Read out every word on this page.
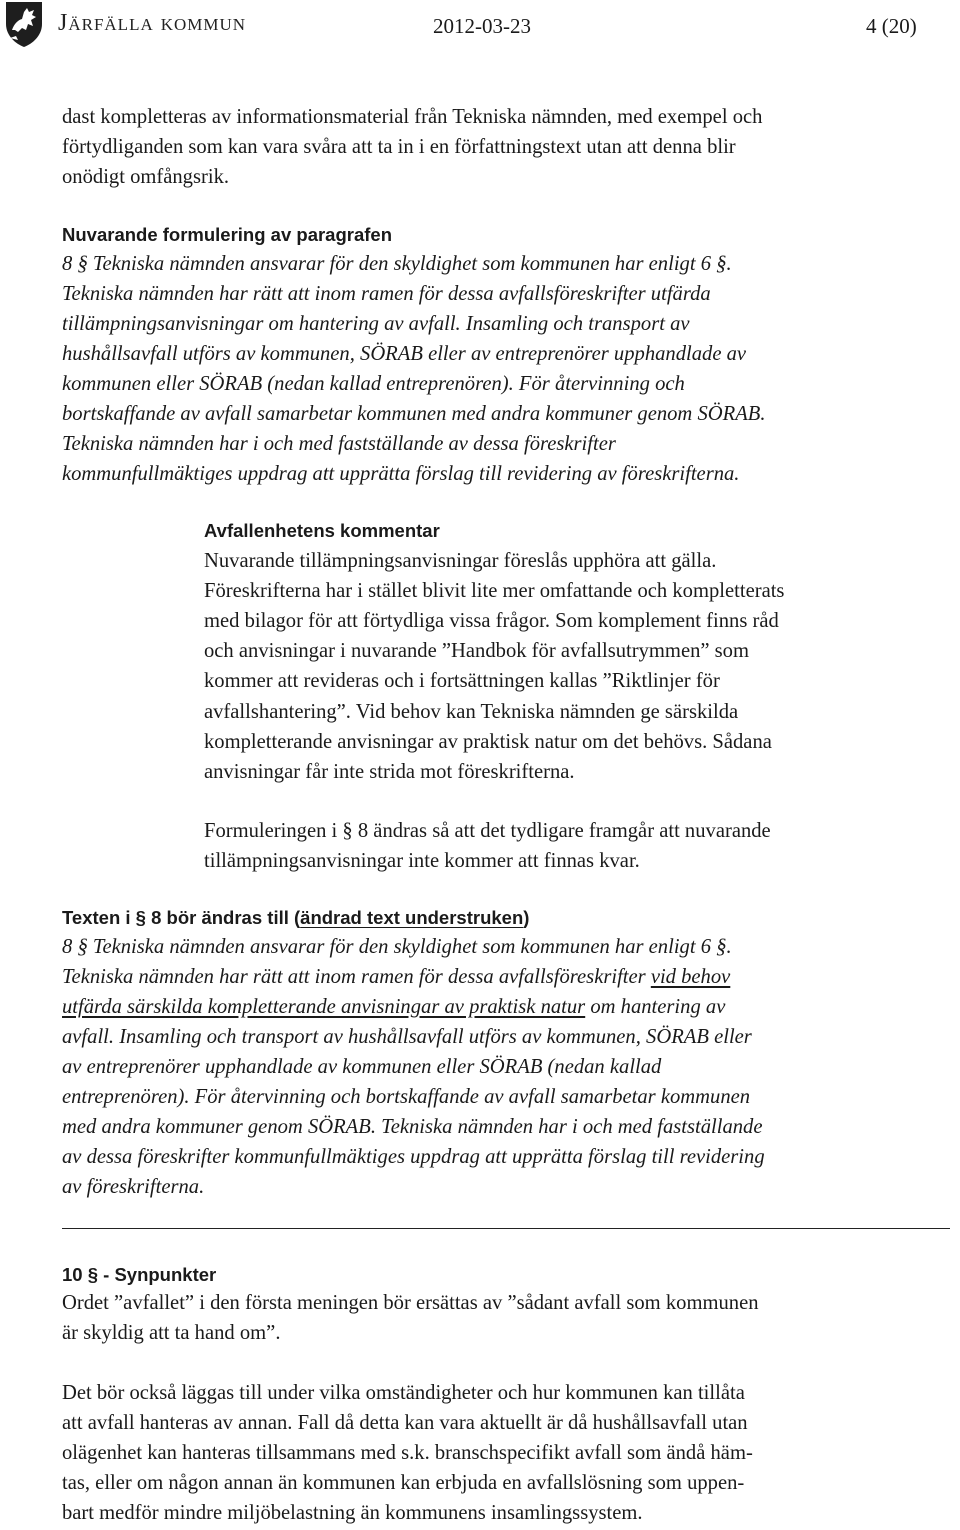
Järfälla kommun	2012-03-23	4 (20)

dast kompletteras av informationsmaterial från Tekniska nämnden, med exempel och

förtydliganden som kan vara svåra att ta in i en författningstext utan att denna blir

onödigt omfångsrik.

Nuvarande formulering av paragrafen

8 § Tekniska nämnden ansvarar för den skyldighet som kommunen har enligt 6 §.

Tekniska nämnden har rätt att inom ramen för dessa avfallsföreskrifter utfärda

tillämpningsanvisningar om hantering av avfall. Insamling och transport av

hushållsavfall utförs av kommunen, SÖRAB eller av entreprenörer upphandlade av

kommunen eller SÖRAB (nedan kallad entreprenören). För återvinning och

bortskaffande av avfall samarbetar kommunen med andra kommuner genom SÖRAB.

Tekniska nämnden har i och med fastställande av dessa föreskrifter

kommunfullmäktiges uppdrag att upprätta förslag till revidering av föreskrifterna.

Avfallenhetens kommentar

Nuvarande tillämpningsanvisningar föreslås upphöra att gälla.

Föreskrifterna har i stället blivit lite mer omfattande och kompletterats

med bilagor för att förtydliga vissa frågor. Som komplement finns råd

och anvisningar i nuvarande ”Handbok för avfallsutrymmen” som

kommer att revideras och i fortsättningen kallas ”Riktlinjer för

avfallshantering”. Vid behov kan Tekniska nämnden ge särskilda

kompletterande anvisningar av praktisk natur om det behövs. Sådana

anvisningar får inte strida mot föreskrifterna.

Formuleringen i § 8 ändras så att det tydligare framgår att nuvarande

tillämpningsanvisningar inte kommer att finnas kvar.

Texten i § 8 bör ändras till (ändrad text understruken)

8 § Tekniska nämnden ansvarar för den skyldighet som kommunen har enligt 6 §.

Tekniska nämnden har rätt att inom ramen för dessa avfallsföreskrifter vid behov

utfärda särskilda kompletterande anvisningar av praktisk natur om hantering av

avfall. Insamling och transport av hushållsavfall utförs av kommunen, SÖRAB eller

av entreprenörer upphandlade av kommunen eller SÖRAB (nedan kallad

entreprenören). För återvinning och bortskaffande av avfall samarbetar kommunen

med andra kommuner genom SÖRAB. Tekniska nämnden har i och med fastställande

av dessa föreskrifter kommunfullmäktiges uppdrag att upprätta förslag till revidering

av föreskrifterna.

10 § - Synpunkter

Ordet ”avfallet” i den första meningen bör ersättas av ”sådant avfall som kommunen

är skyldig att ta hand om”.

Det bör också läggas till under vilka omständigheter och hur kommunen kan tillåta

att avfall hanteras av annan. Fall då detta kan vara aktuellt är då hushållsavfall utan

olägenhet kan hanteras tillsammans med s.k. branschspecifikt avfall som ändå häm-

tas, eller om någon annan än kommunen kan erbjuda en avfallslösning som uppen-

bart medför mindre miljöbelastning än kommunens insamlingssystem.
